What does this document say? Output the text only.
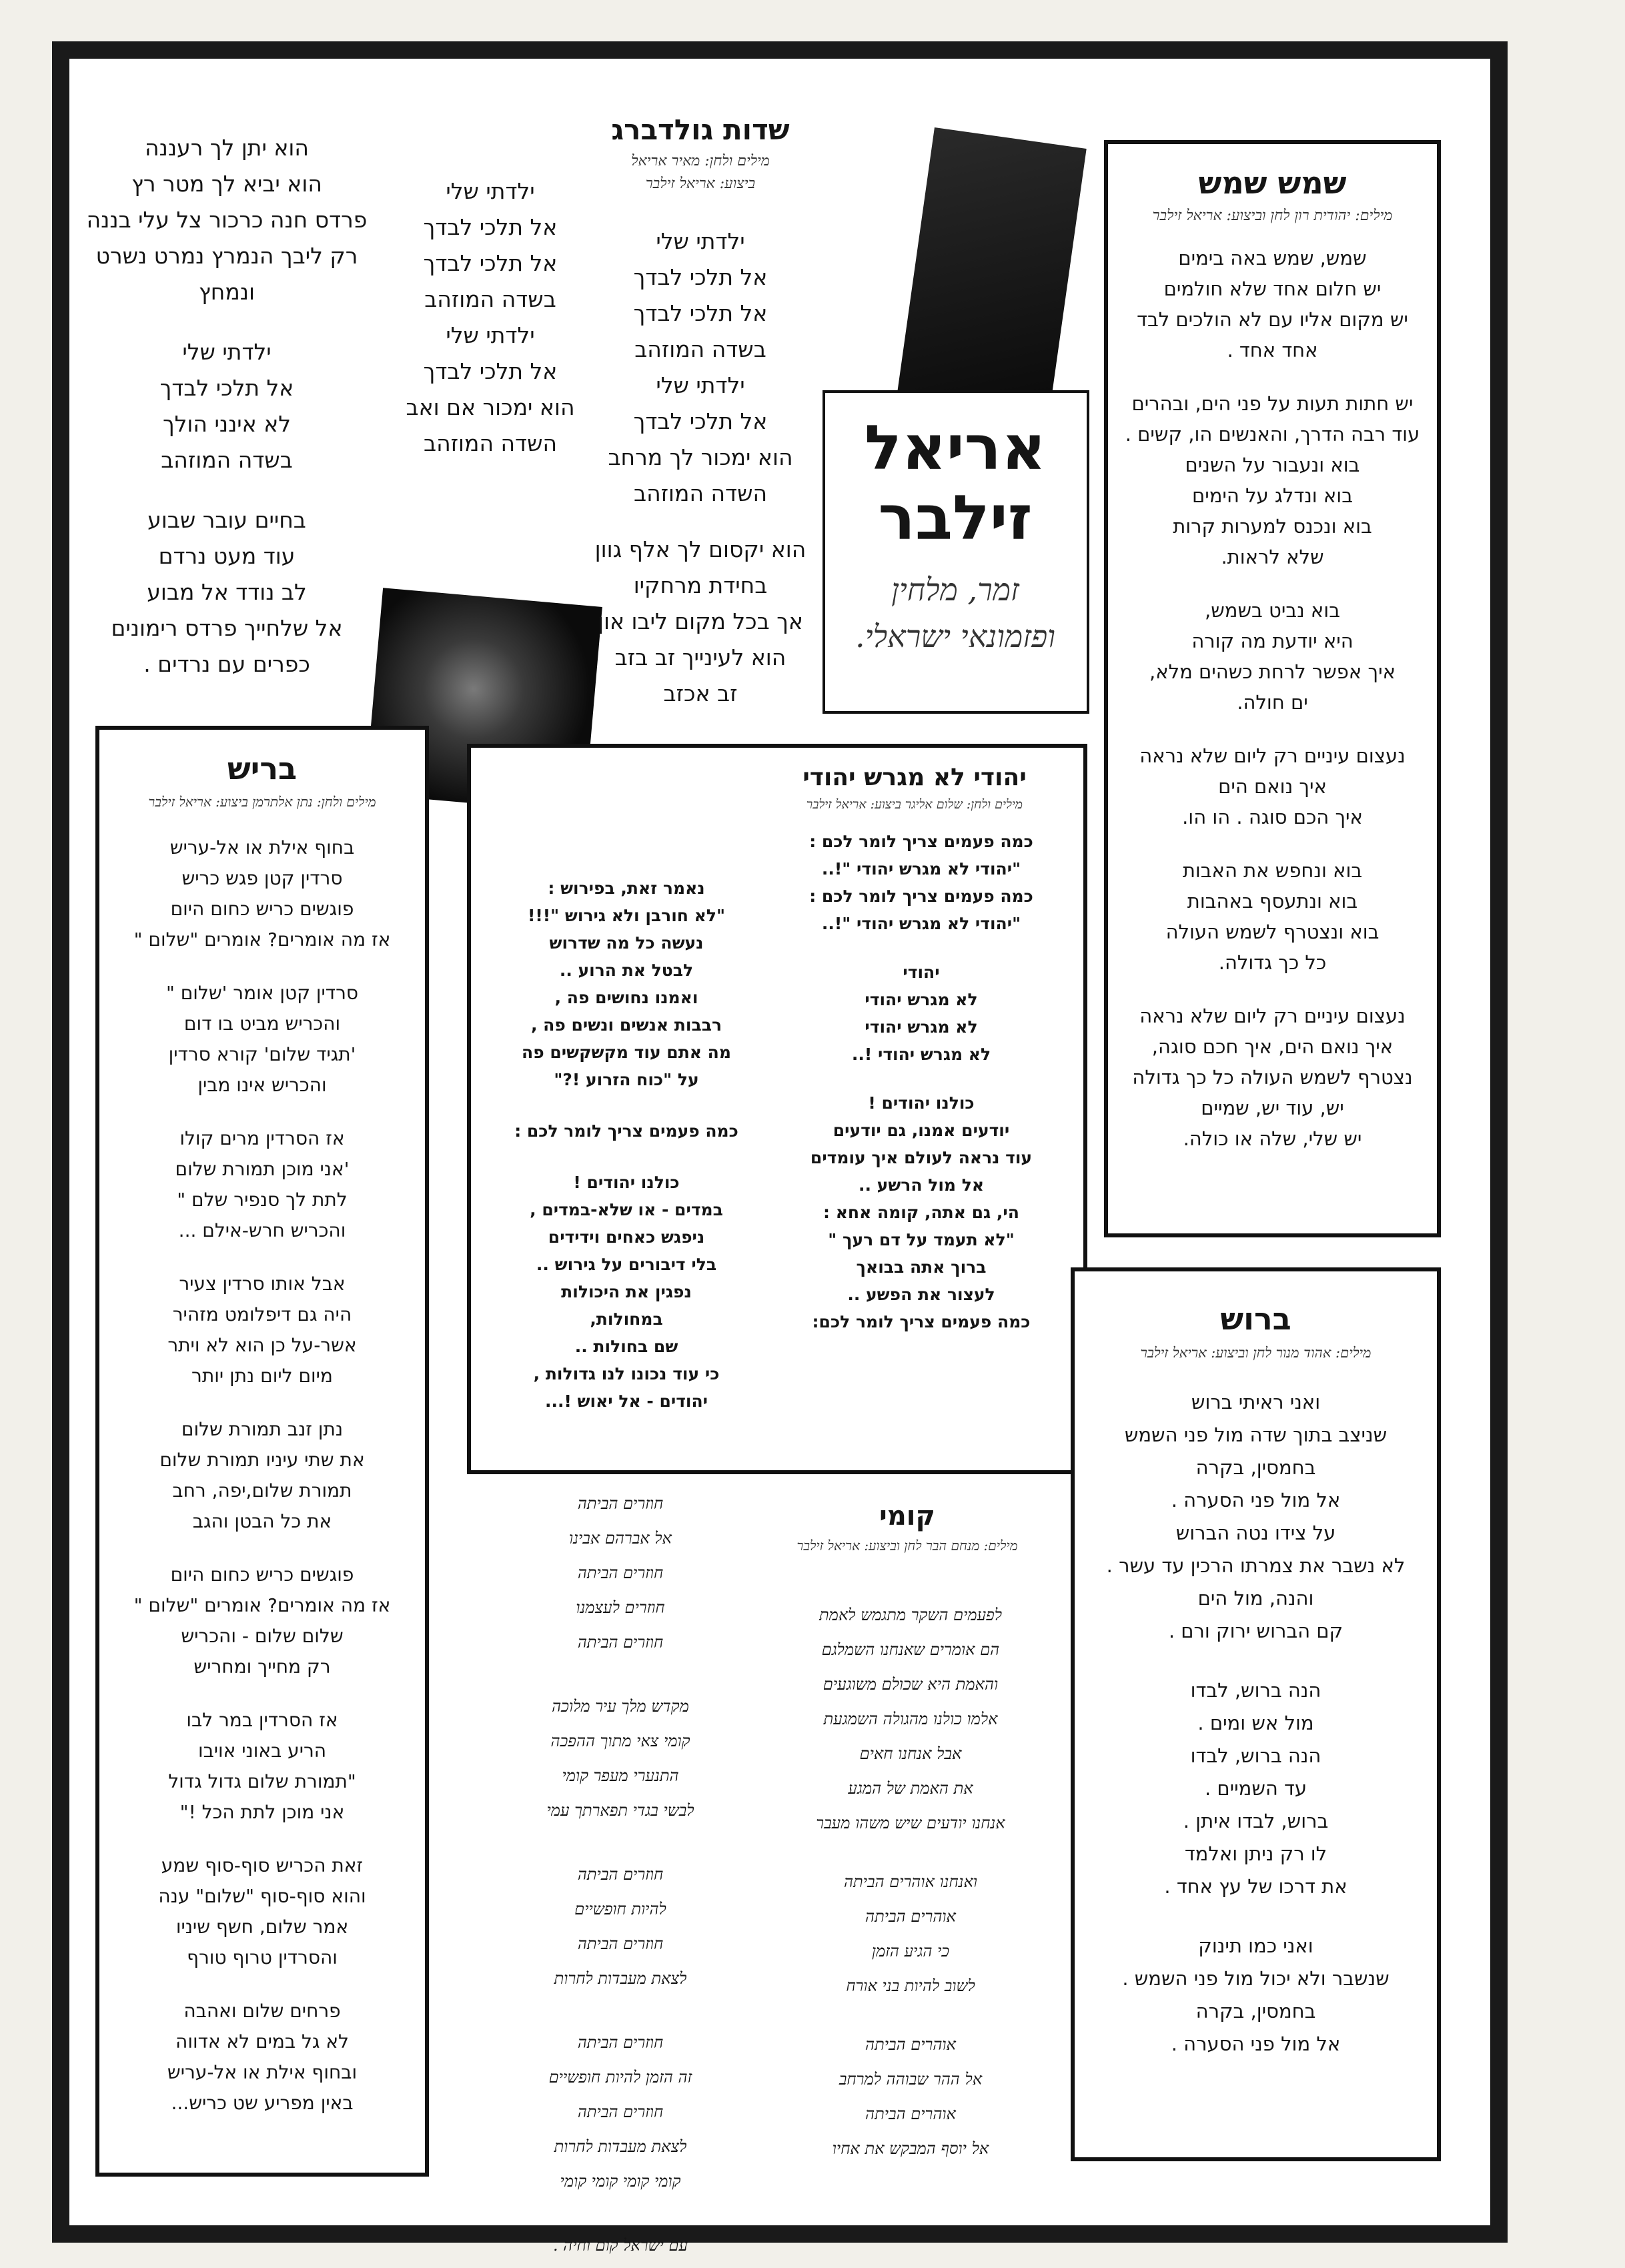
אריאל
זילבר
זמר, מלחין
ופזמונאי ישראלי.
שמש שמש
מילים: יהודית רון לחן וביצוע: אריאל זילבר
שמש, שמש באה בימים
יש חלום אחד שלא חולמים
יש מקום אליו עם לא הולכים לבד
אחד אחד .
יש חתות תעות על פני הים, ובהרים
עוד רבה הדרך, והאנשים הו, קשים .
בוא ונעבור על השנים
בוא ונדלג על הימים
בוא ונכנס למערות קרות
שלא לראות.
בוא נביט בשמש,
היא יודעת מה קורה
איך אפשר לרחת כשהים מלא,
ים חולה.
נעצום עיניים רק ליום שלא נראה
איך נואם הים
איך הכם סוגה . הו הו.
בוא ונחפש את האבות
בוא ונתעסף באהבות
בוא ונצטרף לשמש העולה
כל כך גדולה.
נעצום עיניים רק ליום שלא נראה
איך נואם הים, איך חכם סוגה,
נצטרף לשמש העולה כל כך גדולה
יש, עוד יש, שמיים
יש שלי, שלה או כולה.
שדות גולדברג
מילים ולחן: מאיר אריאל
ביצוע: אריאל זילבר
ילדתי שלי
אל תלכי לבדך
אל תלכי לבדך
בשדה המוזהב
ילדתי שלי
אל תלכי לבדך
הוא ימכור לך מרחב
השדה המוזהב
הוא יקסום לך אלף גוון
בחידת מרחקיו
אך בכל מקום ליבו און
הוא לעינייך זב בזב
זב אכזב
ילדתי שלי
אל תלכי לבדך
אל תלכי לבדך
בשדה המוזהב
ילדתי שלי
אל תלכי לבדך
הוא ימכור אם ואב
השדה המוזהב
הוא יתן לך רעננה
הוא יביא לך מטר רץ
פרדס חנה כרכור צל עלי בננה
רק ליבך הנמרץ נמרט נשרט
ונמחץ
ילדתי שלי
אל תלכי לבדך
לא אינני הולך
בשדה המוזהב
בחיים עובר שבוע
עוד מעט נרדם
לב נודד אל מבוע
אל שלחייך פרדס רימונים
כפרים עם נרדים .
בריש
מילים ולחן: נתן אלתרמן ביצוע: אריאל זילבר
בחוף אילת או אל-עריש
סרדין קטן פגש כריש
פוגשים כריש כחום היום
אז מה אומרים? אומרים "שלום "
סרדין קטן אומר 'שלום "
והכריש מביט בו דום
'תגיד שלום' קורא סרדין
והכריש אינו מבין
אז הסרדין מרים קולו
'אני מוכן תמורת שלום
לתת לך סנפיר שלם "
והכריש חרש-אילם ...
אבל אותו סרדין צעיר
היה גם דיפלומט מזהיר
אשר-על כן הוא לא ויתר
מיום ליום נתן יותר
נתן זנב תמורת שלום
את שתי עיניו תמורת שלום
תמורת שלום,יפה, רחב
את כל הבטן והגב
פוגשים כריש כחום היום
אז מה אומרים? אומרים "שלום "
שלום שלום - והכריש
רק מחייך ומחריש
אז הסרדין במר לבו
הריע באוני אויבו
"תמורת שלום גדול גדול
אני מוכן לתת הכל !"
זאת הכריש סוף-סוף שמע
והוא סוף-סוף "שלום" ענה
אמר שלום, חשף שיניו
והסרדין טרוף טורף
פרחים שלום ואהבה
לא גל במים לא אדווה
ובחוף אילת או אל-עריש
באין מפריע שט כריש...
יהודי לא מגרש יהודי
מילים ולחן: שלום אליגר ביצוע: אריאל זילבר
כמה פעמים צריך לומר לכם :
"יהודי לא מגרש יהודי "!..
כמה פעמים צריך לומר לכם :
"יהודי לא מגרש יהודי "!..
יהודי
לא מגרש יהודי
לא מגרש יהודי
לא מגרש יהודי !..
כולנו יהודים !
יודעים אמנו, גם יודעים
עוד נראה לעולם איך עומדים
אל מול הרשע ..
הי, גם אתה, קומה אחא :
"לא תעמד על דם רעך "
ברוך אתה בבואך
לעצור את הפשע ..
כמה פעמים צריך לומר לכם:
נאמר זאת, בפירוש :
"לא חורבן ולא גירוש "!!!
נעשה כל מה שדרוש
לבטל את הרוע ..
ואמנו נחושים פה ,
רבבות אנשים ונשים פה ,
מה אתם עוד מקשקשים פה
על "כוח הזרוע !?"
כמה פעמים צריך לומר לכם :
כולנו יהודים !
במדים - או שלא-במדים ,
ניפגש כאחים וידידים
בלי דיבורים על גירוש ..
נפגין את היכולות
במחולות,
שם בחולות ..
כי עוד נכונו לנו גדולות ,
יהודים - אל יאוש !...
קומי
מילים: מנחם הבר לחן וביצוע: אריאל זילבר
לפעמים השקר מתגמש לאמת
הם אומרים שאנחנו השמלגם
והאמת היא שכולם משוגעים
אלמו כולנו מהגולה השמגעת
אבל אנחנו חאים
את האמת של המגע
אנחנו יודעים שיש משהו מעבר
ואנחנו אוהרים הביתה
אוהרים הביתה
כי הגיע הזמן
לשוב להיות בני אורח
אוהרים הביתה
אל ההר שבוהה למרחב
אוהרים הביתה
אל יוסף המבקש את אחיו
חוזרים הביתה
אל אברהם אבינו
חוזרים הביתה
חוזרים לעצמנו
חוזרים הביתה
מקדש מלך עיר מלוכה
קומי צאי מתוך ההפכה
התנערי מעפר קומי
לבשי בגדי תפארתך עמי
חוזרים הביתה
להיות חופשיים
חוזרים הביתה
לצאת מעבדות לחרות
חוזרים הביתה
זה הזמן להיות חופשיים
חוזרים הביתה
לצאת מעבדות לחרות
קומי קומי קומי קומי
עם ישראל קום וחיה .
ברוש
מילים: אהוד מנור לחן וביצוע: אריאל זילבר
ואני ראיתי ברוש
שניצב בתוך שדה מול פני השמש
בחמסין, בקרה
אל מול פני הסערה .
על צידו נטה הברוש
לא נשבר את צמרתו הרכין עד עשר .
והנה, מול הים
קם הברוש ירוק ורם .
הנה ברוש, לבדו
מול אש ומים .
הנה ברוש, לבדו
עד השמיים .
ברוש, לבדו איתן .
לו רק ניתן ואלמד
את דרכו של עץ אחד .
ואני כמו תינוק
שנשבר ולא יכול מול פני השמש .
בחמסין, בקרה
אל מול פני הסערה .
